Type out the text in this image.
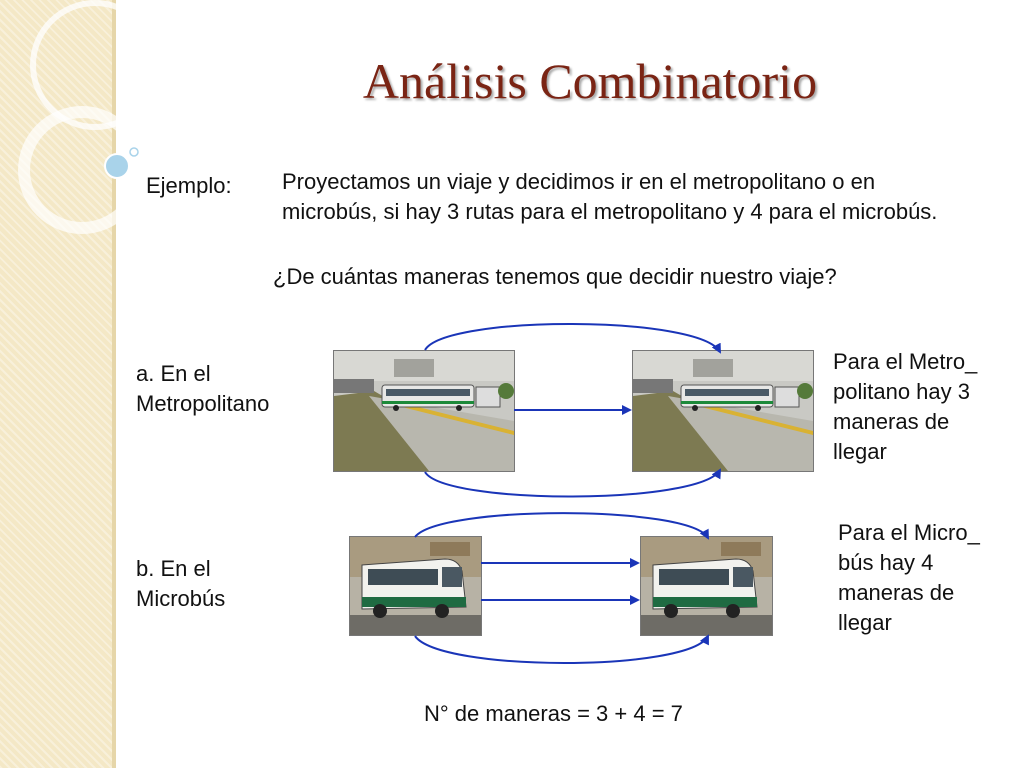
Análisis Combinatorio

Ejemplo: Proyectamos un viaje y decidimos ir en el metropolitano o en microbús, si hay 3 rutas para el metropolitano y 4 para el microbús.

¿De cuántas maneras tenemos que decidir nuestro viaje?

a. En el
Metropolitano
Para el Metro_
politano hay 3
maneras de
llegar
b. En el
Microbús
Para el Micro_
bús hay 4
maneras de
llegar

N° de maneras = 3 + 4 = 7
